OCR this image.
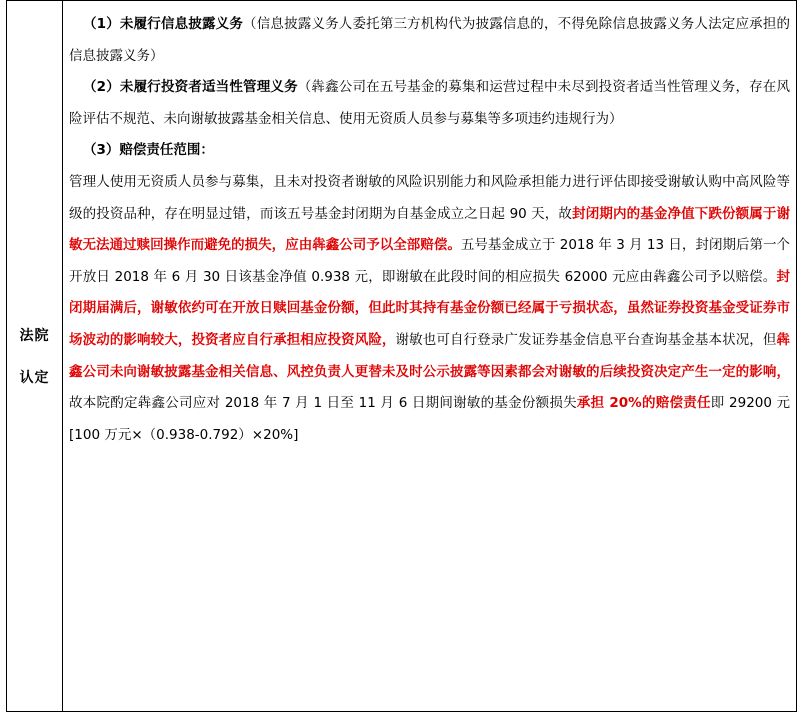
法院
认定

（1）未履行信息披露义务（信息披露义务人委托第三方机构代为披露信息的，不得免除信息披露义务人法定应承担的信息披露义务）

（2）未履行投资者适当性管理义务（犇鑫公司在五号基金的募集和运营过程中未尽到投资者适当性管理义务，存在风险评估不规范、未向谢敏披露基金相关信息、使用无资质人员参与募集等多项违约违规行为）

（3）赔偿责任范围：

管理人使用无资质人员参与募集，且未对投资者谢敏的风险识别能力和风险承担能力进行评估即接受谢敏认购中高风险等级的投资品种，存在明显过错，而该五号基金封闭期为自基金成立之日起 90 天，故封闭期内的基金净值下跌份额属于谢敏无法通过赎回操作而避免的损失，应由犇鑫公司予以全部赔偿。五号基金成立于 2018 年 3 月 13 日，封闭期后第一个开放日 2018 年 6 月 30 日该基金净值 0.938 元，即谢敏在此段时间的相应损失 62000 元应由犇鑫公司予以赔偿。封闭期届满后，谢敏依约可在开放日赎回基金份额，但此时其持有基金份额已经属于亏损状态，虽然证券投资基金受证券市场波动的影响较大，投资者应自行承担相应投资风险，谢敏也可自行登录广发证券基金信息平台查询基金基本状况，但犇鑫公司未向谢敏披露基金相关信息、风控负责人更替未及时公示披露等因素都会对谢敏的后续投资决定产生一定的影响，故本院酌定犇鑫公司应对 2018 年 7 月 1 日至 11 月 6 日期间谢敏的基金份额损失承担 20%的赔偿责任即 29200 元[100 万元×（0.938-0.792）×20%]
